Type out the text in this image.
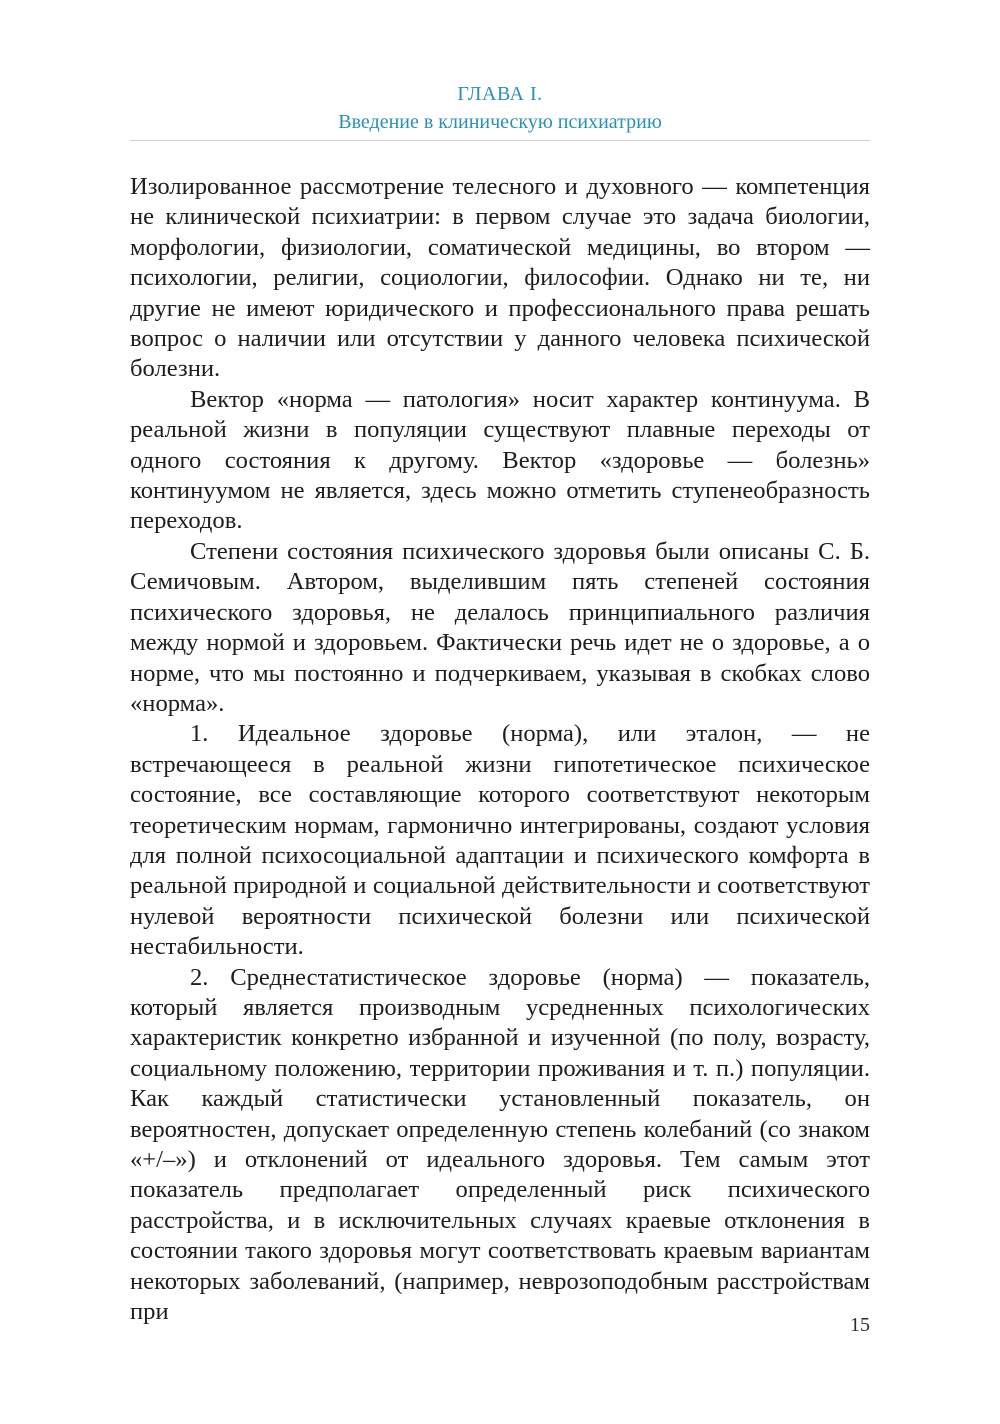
ГЛАВА I.
Введение в клиническую психиатрию

Изолированное рассмотрение телесного и духовного — компетенция не клинической психиатрии: в первом случае это задача биологии, морфологии, физиологии, соматической медицины, во втором — психологии, религии, социологии, философии. Однако ни те, ни другие не имеют юридического и профессионального права решать вопрос о наличии или отсутствии у данного человека психической болезни.

Вектор «норма — патология» носит характер континуума. В реальной жизни в популяции существуют плавные переходы от одного состояния к другому. Вектор «здоровье — болезнь» континуумом не является, здесь можно отметить ступенеобразность переходов.

Степени состояния психического здоровья были описаны С. Б. Семичовым. Автором, выделившим пять степеней состояния психического здоровья, не делалось принципиального различия между нормой и здоровьем. Фактически речь идет не о здоровье, а о норме, что мы постоянно и подчеркиваем, указывая в скобках слово «норма».

1. Идеальное здоровье (норма), или эталон, — не встречающееся в реальной жизни гипотетическое психическое состояние, все составляющие которого соответствуют некоторым теоретическим нормам, гармонично интегрированы, создают условия для полной психосоциальной адаптации и психического комфорта в реальной природной и социальной действительности и соответствуют нулевой вероятности психической болезни или психической нестабильности.

2. Среднестатистическое здоровье (норма) — показатель, который является производным усредненных психологических характеристик конкретно избранной и изученной (по полу, возрасту, социальному положению, территории проживания и т. п.) популяции. Как каждый статистически установленный показатель, он вероятностен, допускает определенную степень колебаний (со знаком «+/–») и отклонений от идеального здоровья. Тем самым этот показатель предполагает определенный риск психического расстройства, и в исключительных случаях краевые отклонения в состоянии такого здоровья могут соответствовать краевым вариантам некоторых заболеваний, (например, неврозоподобным расстройствам при	15
